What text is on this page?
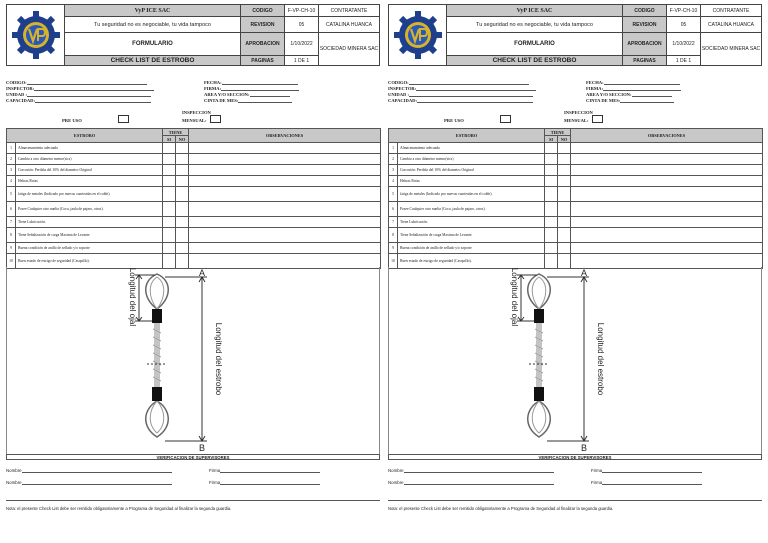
VyP ICE SAC
Tu seguridad no es negociable, tu vida tampoco
FORMULARIO
CHECK LIST DE ESTROBO
CODIGO	F-VP-CH-10	CONTRATANTE
REVISION	05	CATALINA HUANCA
APROBACION	1/10/2022
SOCIEDAD MINERA SAC
PAGINAS	1 DE 1
CODIGO:
INSPECTOR:
UNIDAD :
CAPACIDAD:
FECHA:
FIRMA:
AREA Y/O SECCION:
CINTA DE MES:
INSPECCION
PRE USO	MENSUAL:
ESTROBO		TIENE		OBSERVACIONES
		SI	NO	
1	Almacenamiento adecuado			
2	Cambio a otro diámetro menor(sics)			
3	Corrosión: Perdida del 10% del diametro Original			
4	Hebras Rotas			
5	fatiga de metales (Indicado por nuevas cuarteadas en el cable).			
6	Posee Cualquier otro nuelta (Coca, jaula de pajaro, otros).			
7	Tiene Lubricación.			
8	Tiene Señalización de carga Maxima de Levante			
9	Buena condición de anillo de sellado y/o soporte			
10	Buen estado de estrigo de seguridad (Casquillo).			
Longitud del ojal
Longitud del estrobo
A
B
VERIFICACION DE SUPERVISORES
Nombre	Firma
Nombre	Firma
Nota: el presente Check List debe ser remitido obligatoriamente a Programa de Seguridad al finalizar la segunda guardia.
VyP ICE SAC
Tu seguridad no es negociable, tu vida tampoco
FORMULARIO
CHECK LIST DE ESTROBO
CODIGO	F-VP-CH-10	CONTRATANTE
REVISION	05	CATALINA HUANCA
APROBACION	1/10/2022
SOCIEDAD MINERA SAC
PAGINAS	1 DE 1
CODIGO:
INSPECTOR:
UNIDAD :
CAPACIDAD:
FECHA:
FIRMA:
AREA Y/O SECCION:
CINTA DE MES:
INSPECCION
PRE USO	MENSUAL:
ESTROBO		TIENE		OBSERVACIONES
		SI	NO	
1	Almacenamiento adecuado			
2	Cambio a otro diámetro menor(sics)			
3	Corrosión: Perdida del 10% del diametro Original			
4	Hebras Rotas			
5	fatiga de metales (Indicado por nuevas cuarteadas en el cable).			
6	Posee Cualquier otro nuelta (Coca, jaula de pajaro, otros).			
7	Tiene Lubricación.			
8	Tiene Señalización de carga Maxima de Levante			
9	Buena condición de anillo de sellado y/o soporte			
10	Buen estado de estrigo de seguridad (Casquillo).			
Longitud del ojal
Longitud del estrobo
A
B
VERIFICACION DE SUPERVISORES
Nombre	Firma
Nombre	Firma
Nota: el presente Check List debe ser remitido obligatoriamente a Programa de Seguridad al finalizar la segunda guardia.
